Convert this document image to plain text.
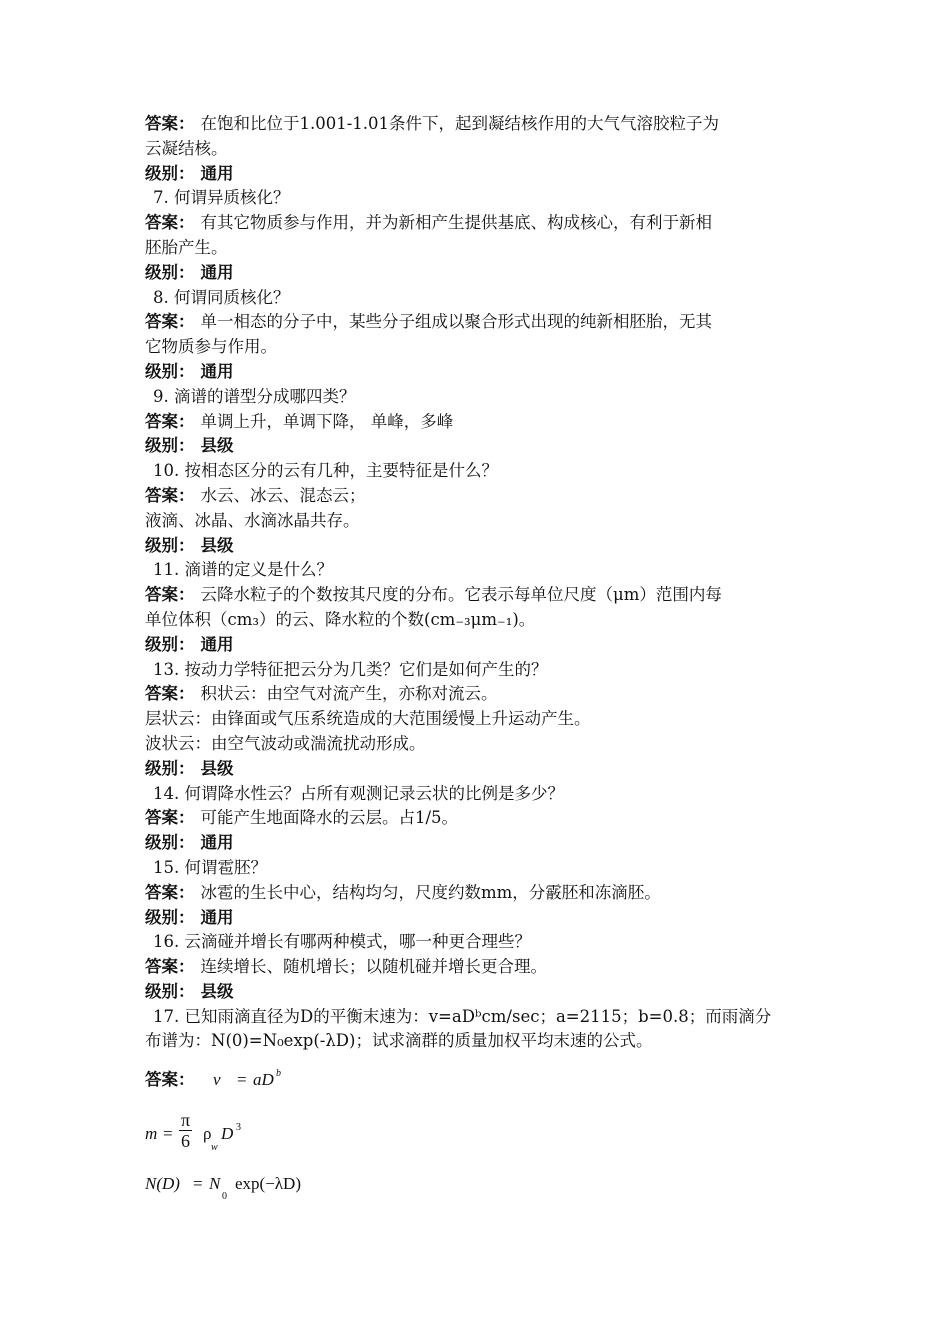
答案： 在饱和比位于1.001-1.01条件下，起到凝结核作用的大气气溶胶粒子为
云凝结核。
级别： 通用
7. 何谓异质核化？
答案： 有其它物质参与作用，并为新相产生提供基底、构成核心，有利于新相
胚胎产生。
级别： 通用
8. 何谓同质核化？
答案： 单一相态的分子中，某些分子组成以聚合形式出现的纯新相胚胎，无其
它物质参与作用。
级别： 通用
9. 滴谱的谱型分成哪四类？
答案： 单调上升，单调下降， 单峰，多峰
级别： 县级
10. 按相态区分的云有几种，主要特征是什么？
答案： 水云、冰云、混态云；
液滴、冰晶、水滴冰晶共存。
级别： 县级
11. 滴谱的定义是什么？
答案： 云降水粒子的个数按其尺度的分布。它表示每单位尺度（μm）范围内每
单位体积（cm₃）的云、降水粒的个数(cm₋₃μm₋₁)。
级别： 通用
13. 按动力学特征把云分为几类？它们是如何产生的？
答案： 积状云：由空气对流产生，亦称对流云。
层状云：由锋面或气压系统造成的大范围缓慢上升运动产生。
波状云：由空气波动或湍流扰动形成。
级别： 县级
14. 何谓降水性云？占所有观测记录云状的比例是多少？
答案： 可能产生地面降水的云层。占1/5。
级别： 通用
15. 何谓雹胚？
答案： 冰雹的生长中心，结构均匀，尺度约数mm，分霰胚和冻滴胚。
级别： 通用
16. 云滴碰并增长有哪两种模式，哪一种更合理些？
答案： 连续增长、随机增长；以随机碰并增长更合理。
级别： 县级
17. 已知雨滴直径为D的平衡末速为：v=aDᵇcm/sec；a=2115；b=0.8；而雨滴分
布谱为：N(0)=N₀exp(-λD)；试求滴群的质量加权平均末速的公式。
答案：	v = aD b
$m = \frac{\pi}{6}$ ρ
w
D 3
N(D) = N
0
exp(−λD)
